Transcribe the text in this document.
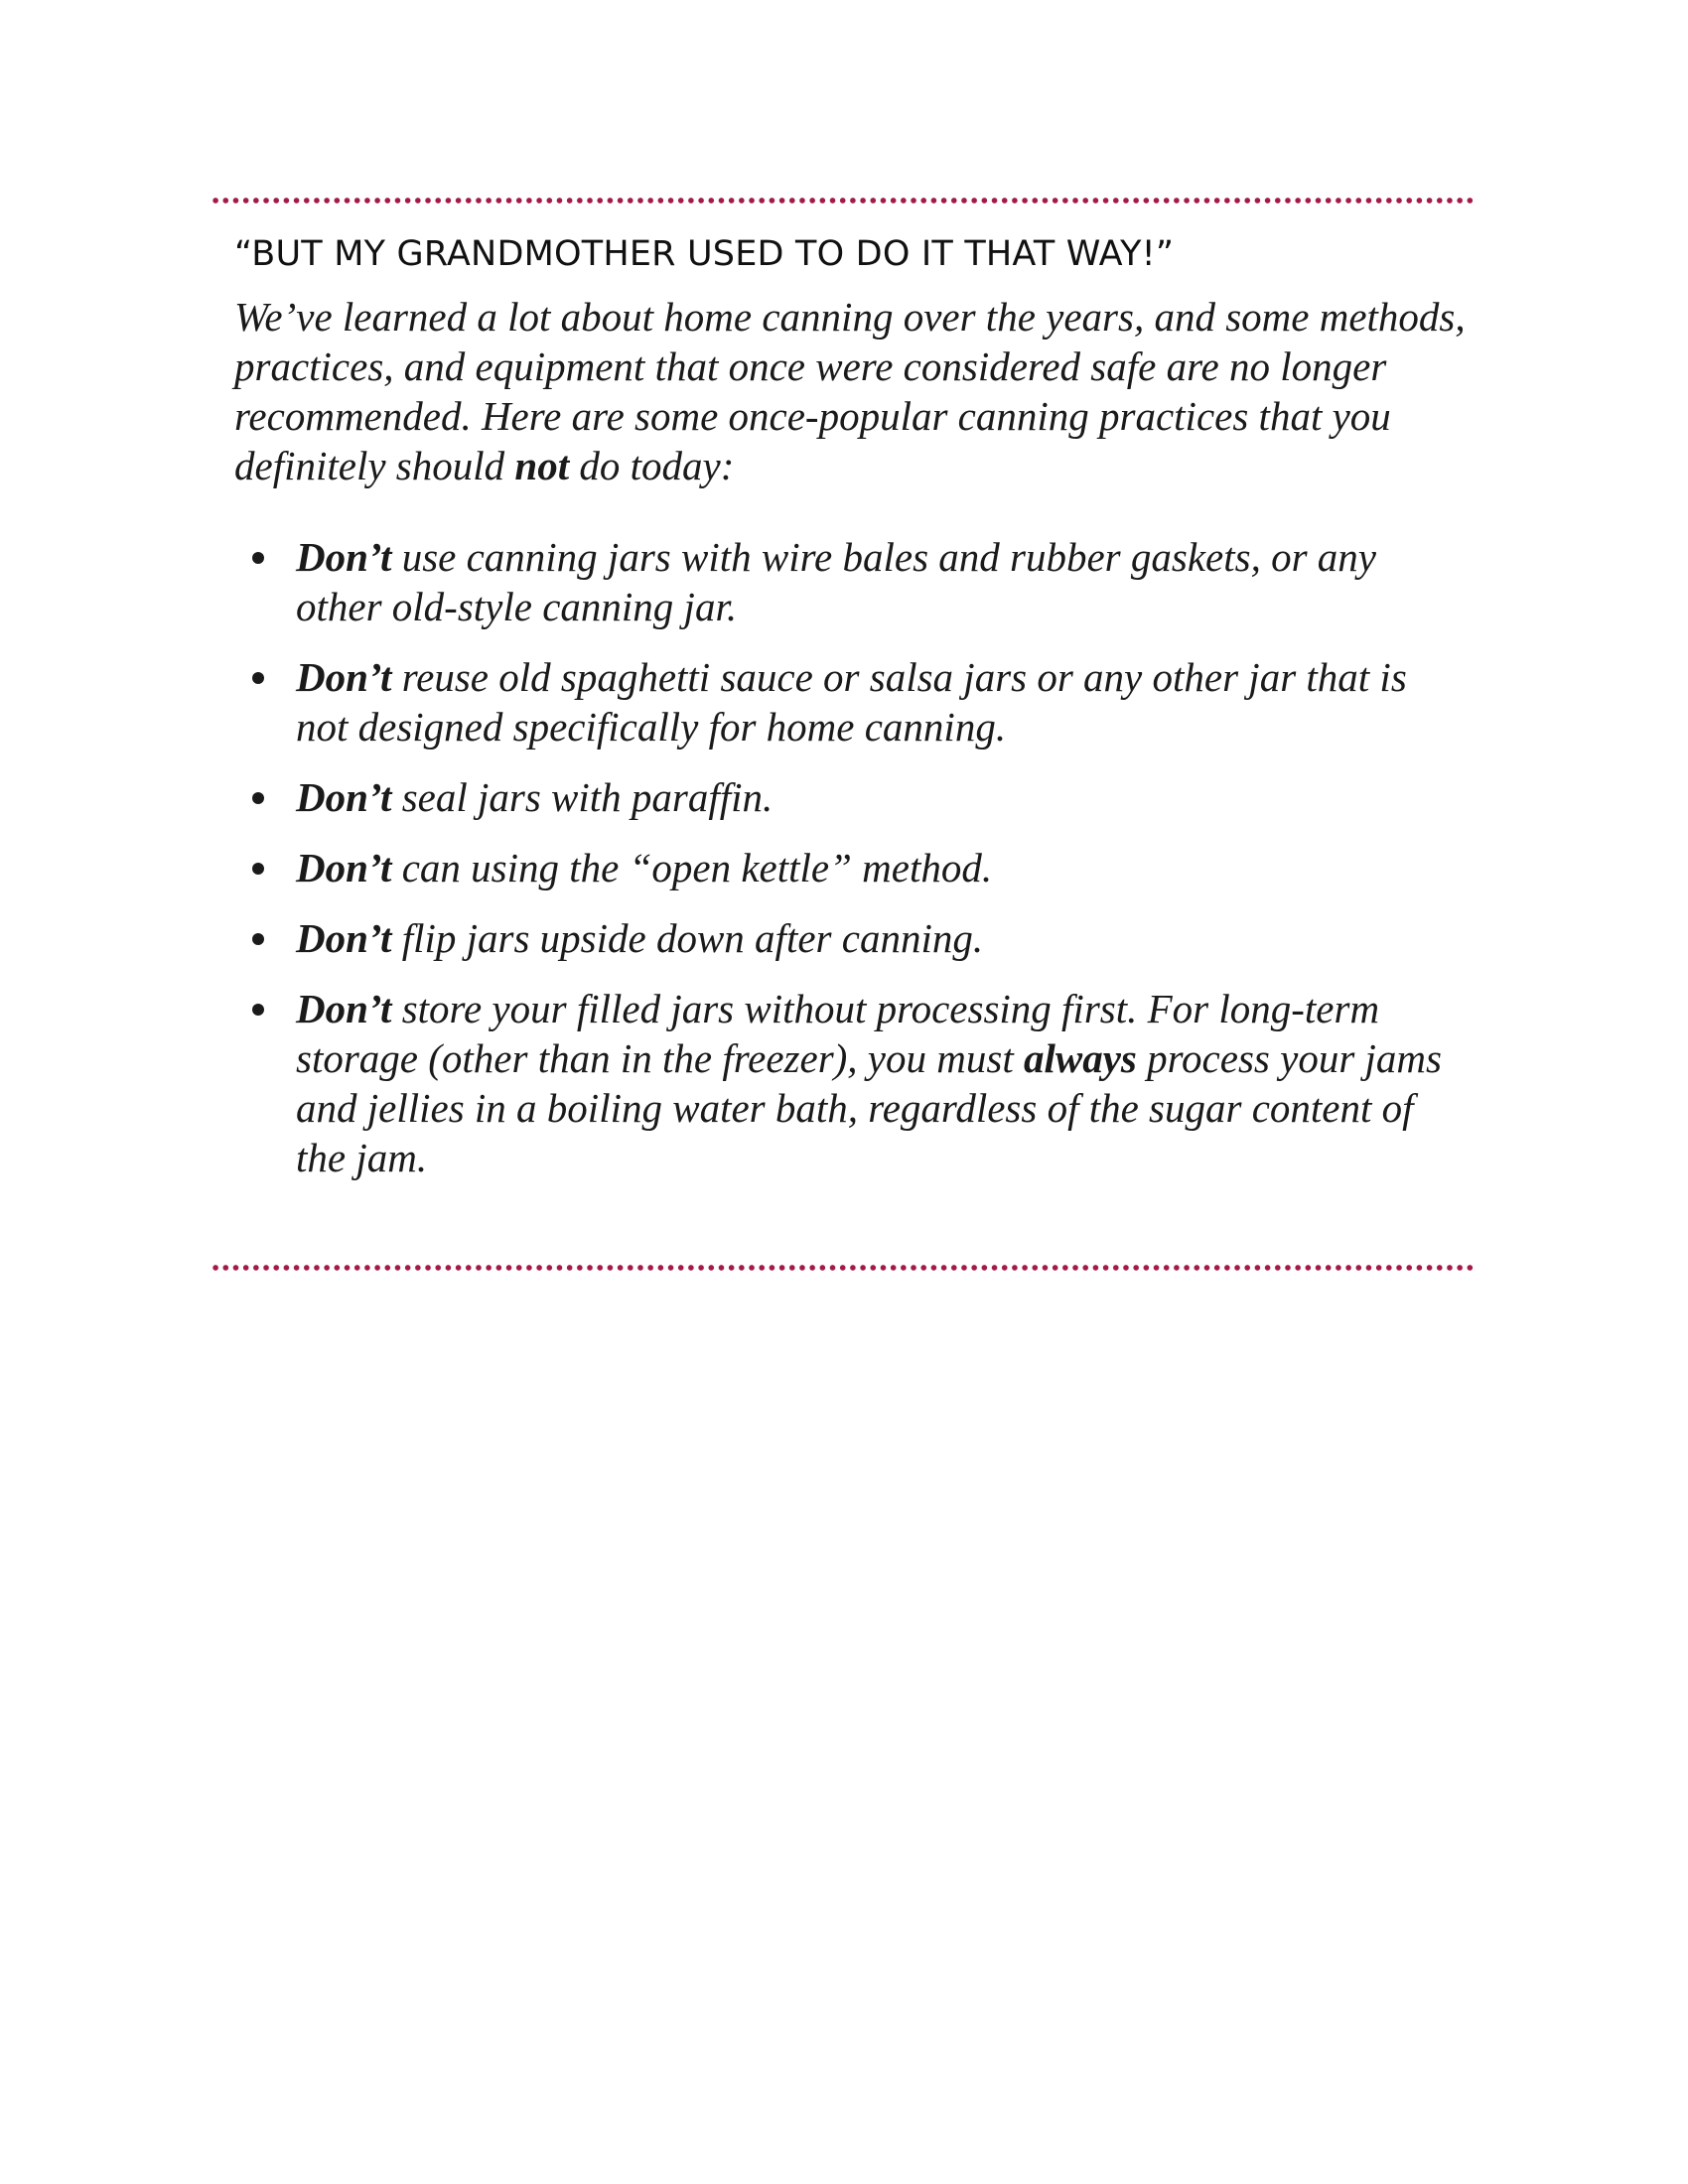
“BUT MY GRANDMOTHER USED TO DO IT THAT WAY!”

We’ve learned a lot about home canning over the years, and some methods, practices, and equipment that once were considered safe are no longer recommended. Here are some once-popular canning practices that you definitely should not do today:

Don’t use canning jars with wire bales and rubber gaskets, or any other old-style canning jar.
Don’t reuse old spaghetti sauce or salsa jars or any other jar that is not designed specifically for home canning.
Don’t seal jars with paraffin.
Don’t can using the “open kettle” method.
Don’t flip jars upside down after canning.
Don’t store your filled jars without processing first. For long-term storage (other than in the freezer), you must always process your jams and jellies in a boiling water bath, regardless of the sugar content of the jam.
